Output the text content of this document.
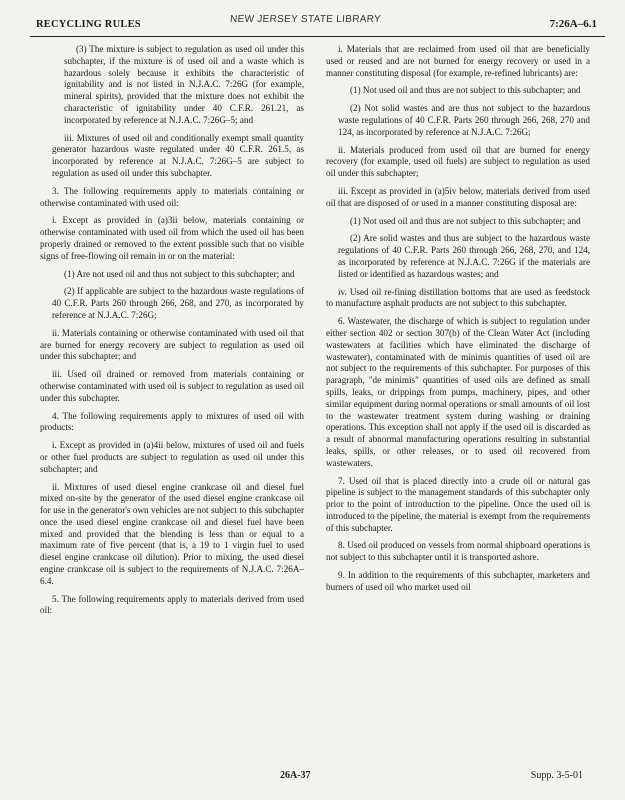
RECYCLING RULES	NEW JERSEY STATE LIBRARY	7:26A–6.1

(3) The mixture is subject to regulation as used oil under this subchapter, if the mixture is of used oil and a waste which is hazardous solely because it exhibits the characteristic of ignitability and is not listed in N.J.A.C. 7:26G (for example, mineral spirits), provided that the mixture does not exhibit the characteristic of ignitability under 40 C.F.R. 261.21, as incorporated by reference at N.J.A.C. 7:26G–5; and

iii. Mixtures of used oil and conditionally exempt small quantity generator hazardous waste regulated under 40 C.F.R. 261.5, as incorporated by reference at N.J.A.C. 7:26G–5 are subject to regulation as used oil under this subchapter.

3. The following requirements apply to materials containing or otherwise contaminated with used oil:

i. Except as provided in (a)3ii below, materials containing or otherwise contaminated with used oil from which the used oil has been properly drained or removed to the extent possible such that no visible signs of free-flowing oil remain in or on the material:

(1) Are not used oil and thus not subject to this subchapter; and

(2) If applicable are subject to the hazardous waste regulations of 40 C.F.R. Parts 260 through 266, 268, and 270, as incorporated by reference at N.J.A.C. 7:26G;

ii. Materials containing or otherwise contaminated with used oil that are burned for energy recovery are subject to regulation as used oil under this subchapter; and

iii. Used oil drained or removed from materials containing or otherwise contaminated with used oil is subject to regulation as used oil under this subchapter.

4. The following requirements apply to mixtures of used oil with products:

i. Except as provided in (a)4ii below, mixtures of used oil and fuels or other fuel products are subject to regulation as used oil under this subchapter; and

ii. Mixtures of used diesel engine crankcase oil and diesel fuel mixed on-site by the generator of the used diesel engine crankcase oil for use in the generator's own vehicles are not subject to this subchapter once the used diesel engine crankcase oil and diesel fuel have been mixed and provided that the blending is less than or equal to a maximum rate of five percent (that is, a 19 to 1 virgin fuel to used diesel engine crankcase oil dilution). Prior to mixing, the used diesel engine crankcase oil is subject to the requirements of N.J.A.C. 7:26A–6.4.

5. The following requirements apply to materials derived from used oil:

i. Materials that are reclaimed from used oil that are beneficially used or reused and are not burned for energy recovery or used in a manner constituting disposal (for example, re-refined lubricants) are:

(1) Not used oil and thus are not subject to this subchapter; and

(2) Not solid wastes and are thus not subject to the hazardous waste regulations of 40 C.F.R. Parts 260 through 266, 268, 270 and 124, as incorporated by reference at N.J.A.C. 7:26G;

ii. Materials produced from used oil that are burned for energy recovery (for example, used oil fuels) are subject to regulation as used oil under this subchapter;

iii. Except as provided in (a)5iv below, materials derived from used oil that are disposed of or used in a manner constituting disposal are:

(1) Not used oil and thus are not subject to this subchapter; and

(2) Are solid wastes and thus are subject to the hazardous waste regulations of 40 C.F.R. Parts 260 through 266, 268, 270, and 124, as incorporated by reference at N.J.A.C. 7:26G if the materials are listed or identified as hazardous wastes; and

iv. Used oil re-fining distillation bottoms that are used as feedstock to manufacture asphalt products are not subject to this subchapter.

6. Wastewater, the discharge of which is subject to regulation under either section 402 or section 307(b) of the Clean Water Act (including wastewaters at facilities which have eliminated the discharge of wastewater), contaminated with de minimis quantities of used oil are not subject to the requirements of this subchapter. For purposes of this paragraph, "de minimis" quantities of used oils are defined as small spills, leaks, or drippings from pumps, machinery, pipes, and other similar equipment during normal operations or small amounts of oil lost to the wastewater treatment system during washing or draining operations. This exception shall not apply if the used oil is discarded as a result of abnormal manufacturing operations resulting in substantial leaks, spills, or other releases, or to used oil recovered from wastewaters.

7. Used oil that is placed directly into a crude oil or natural gas pipeline is subject to the management standards of this subchapter only prior to the point of introduction to the pipeline. Once the used oil is introduced to the pipeline, the material is exempt from the requirements of this subchapter.

8. Used oil produced on vessels from normal shipboard operations is not subject to this subchapter until it is transported ashore.

9. In addition to the requirements of this subchapter, marketers and burners of used oil who market used oil

26A-37	Supp. 3-5-01
